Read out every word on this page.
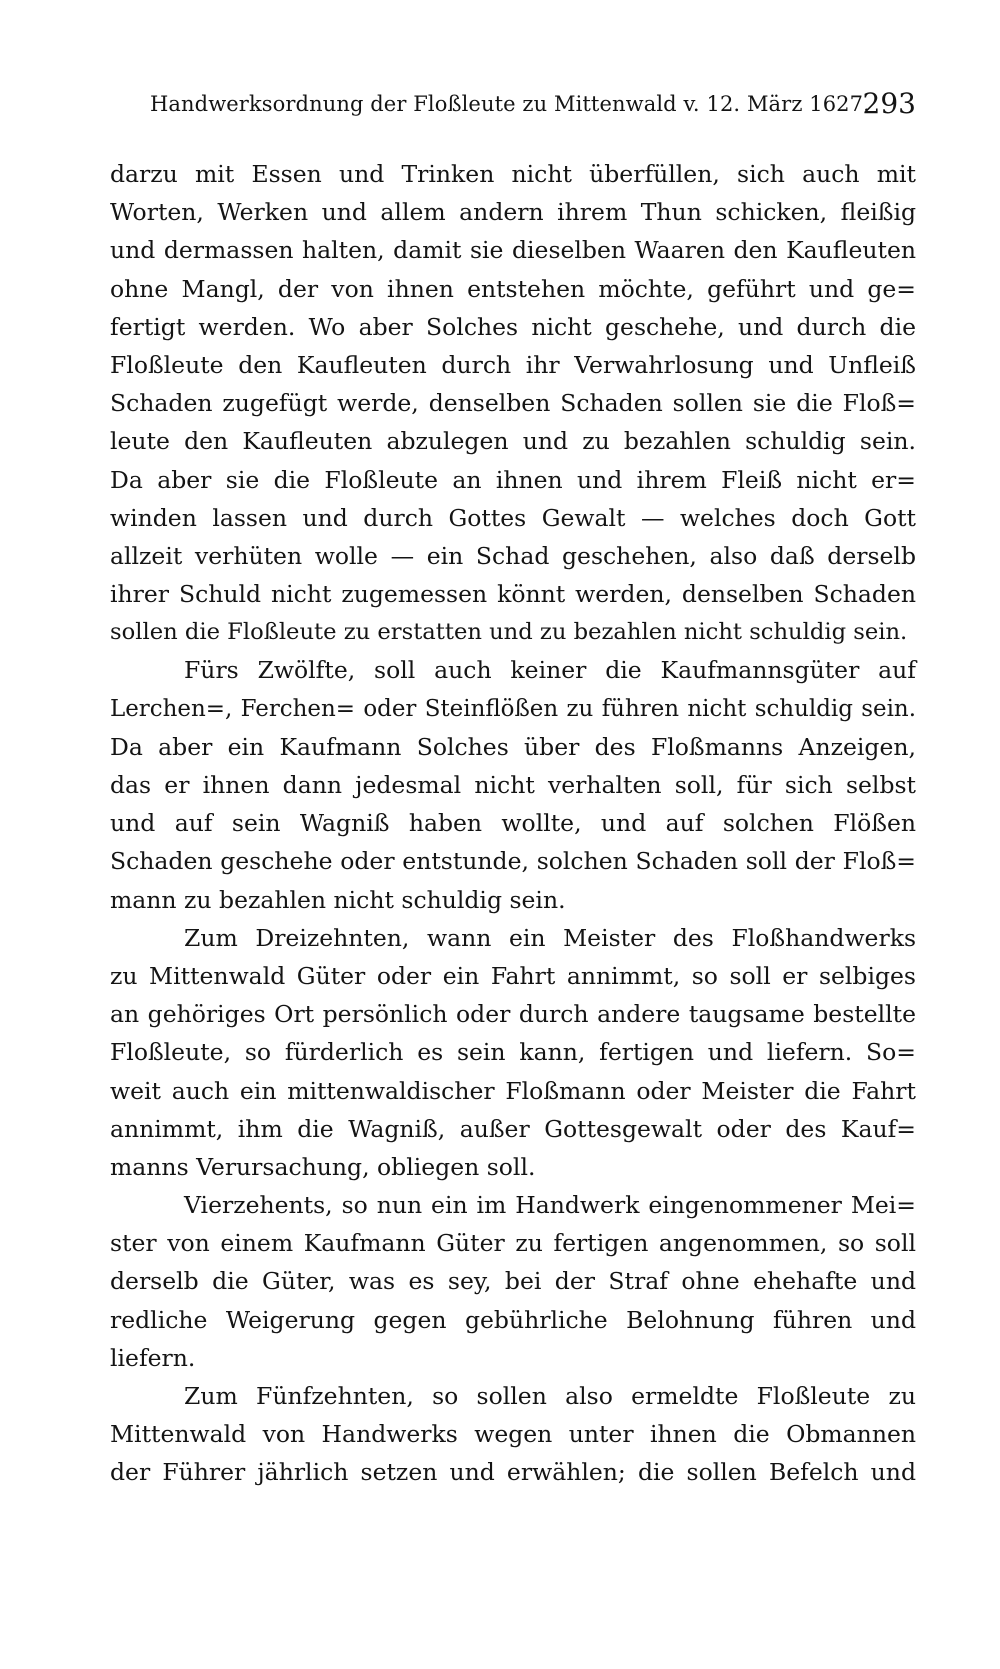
Handwerksordnung der Floßleute zu Mittenwald v. 12. März 1627.
293
darzu mit Essen und Trinken nicht überfüllen, sich auch mit
Worten, Werken und allem andern ihrem Thun schicken, fleißig
und dermassen halten, damit sie dieselben Waaren den Kaufleuten
ohne Mangl, der von ihnen entstehen möchte, geführt und ge=
fertigt werden. Wo aber Solches nicht geschehe, und durch die
Floßleute den Kaufleuten durch ihr Verwahrlosung und Unfleiß
Schaden zugefügt werde, denselben Schaden sollen sie die Floß=
leute den Kaufleuten abzulegen und zu bezahlen schuldig sein.
Da aber sie die Floßleute an ihnen und ihrem Fleiß nicht er=
winden lassen und durch Gottes Gewalt — welches doch Gott
allzeit verhüten wolle — ein Schad geschehen, also daß derselb
ihrer Schuld nicht zugemessen könnt werden, denselben Schaden
sollen die Floßleute zu erstatten und zu bezahlen nicht schuldig sein.
Fürs Zwölfte, soll auch keiner die Kaufmannsgüter auf
Lerchen=, Ferchen= oder Steinflößen zu führen nicht schuldig sein.
Da aber ein Kaufmann Solches über des Floßmanns Anzeigen,
das er ihnen dann jedesmal nicht verhalten soll, für sich selbst
und auf sein Wagniß haben wollte, und auf solchen Flößen
Schaden geschehe oder entstunde, solchen Schaden soll der Floß=
mann zu bezahlen nicht schuldig sein.
Zum Dreizehnten, wann ein Meister des Floßhandwerks
zu Mittenwald Güter oder ein Fahrt annimmt, so soll er selbiges
an gehöriges Ort persönlich oder durch andere taugsame bestellte
Floßleute, so fürderlich es sein kann, fertigen und liefern. So=
weit auch ein mittenwaldischer Floßmann oder Meister die Fahrt
annimmt, ihm die Wagniß, außer Gottesgewalt oder des Kauf=
manns Verursachung, obliegen soll.
Vierzehents, so nun ein im Handwerk eingenommener Mei=
ster von einem Kaufmann Güter zu fertigen angenommen, so soll
derselb die Güter, was es sey, bei der Straf ohne ehehafte und
redliche Weigerung gegen gebührliche Belohnung führen und
liefern.
Zum Fünfzehnten, so sollen also ermeldte Floßleute zu
Mittenwald von Handwerks wegen unter ihnen die Obmannen
der Führer jährlich setzen und erwählen; die sollen Befelch und
